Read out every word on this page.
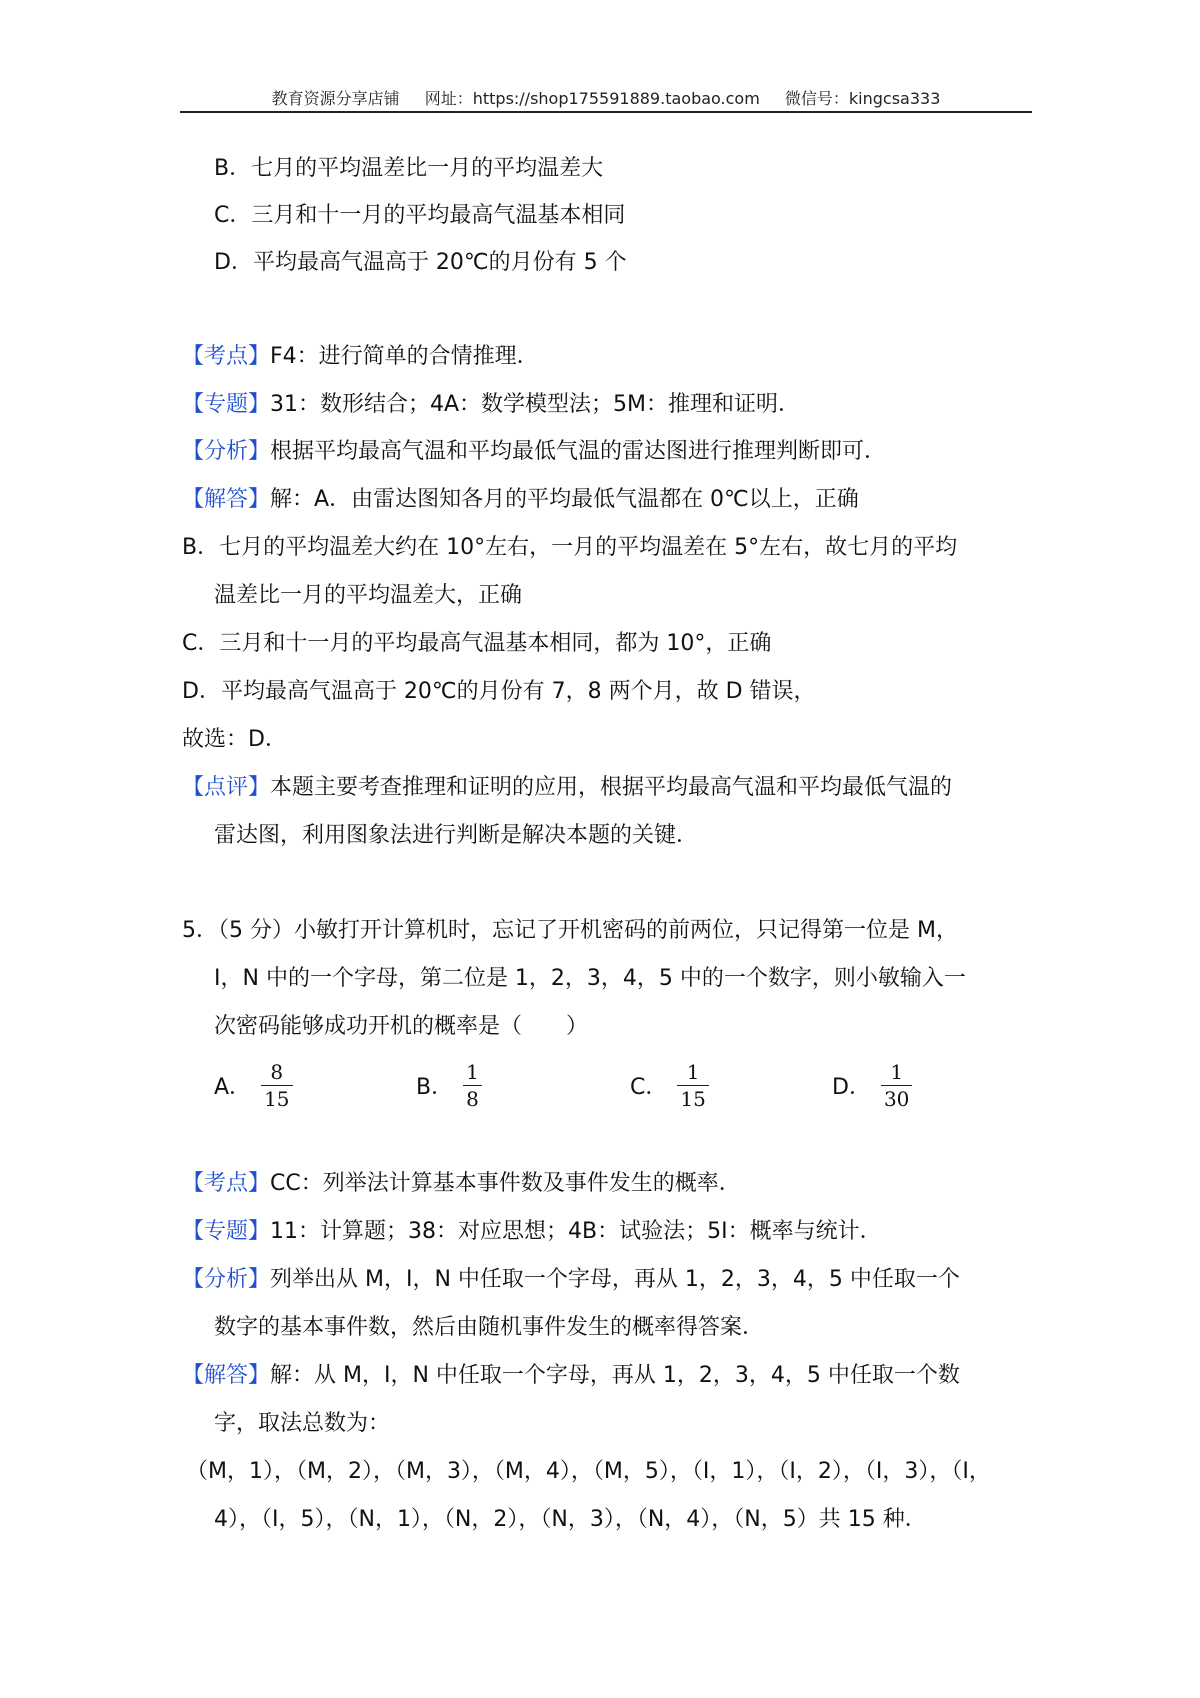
教育资源分享店铺 网址：https://shop175591889.taobao.com 微信号：kingcsa333
B．七月的平均温差比一月的平均温差大
C．三月和十一月的平均最高气温基本相同
D．平均最高气温高于 20℃的月份有 5 个
【考点】F4：进行简单的合情推理．
【专题】31：数形结合；4A：数学模型法；5M：推理和证明．
【分析】根据平均最高气温和平均最低气温的雷达图进行推理判断即可．
【解答】解：A．由雷达图知各月的平均最低气温都在 0℃以上，正确
B．七月的平均温差大约在 10°左右，一月的平均温差在 5°左右，故七月的平均
温差比一月的平均温差大，正确
C．三月和十一月的平均最高气温基本相同，都为 10°，正确
D．平均最高气温高于 20℃的月份有 7，8 两个月，故 D 错误，
故选：D．
【点评】本题主要考查推理和证明的应用，根据平均最高气温和平均最低气温的
雷达图，利用图象法进行判断是解决本题的关键．
5．（5 分）小敏打开计算机时，忘记了开机密码的前两位，只记得第一位是 M，
I，N 中的一个字母，第二位是 1，2，3，4，5 中的一个数字，则小敏输入一
次密码能够成功开机的概率是（　　）
A． $\frac{8}{15}$	B． $\frac{1}{8}$	C． $\frac{1}{15}$	D． $\frac{1}{30}$
【考点】CC：列举法计算基本事件数及事件发生的概率．
【专题】11：计算题；38：对应思想；4B：试验法；5I：概率与统计．
【分析】列举出从 M，I，N 中任取一个字母，再从 1，2，3，4，5 中任取一个
数字的基本事件数，然后由随机事件发生的概率得答案．
【解答】解：从 M，I，N 中任取一个字母，再从 1，2，3，4，5 中任取一个数
字，取法总数为：
（M，1），（M，2），（M，3），（M，4），（M，5），（I，1），（I，2），（I，3），（I，
4），（I，5），（N，1），（N，2），（N，3），（N，4），（N，5）共 15 种．
